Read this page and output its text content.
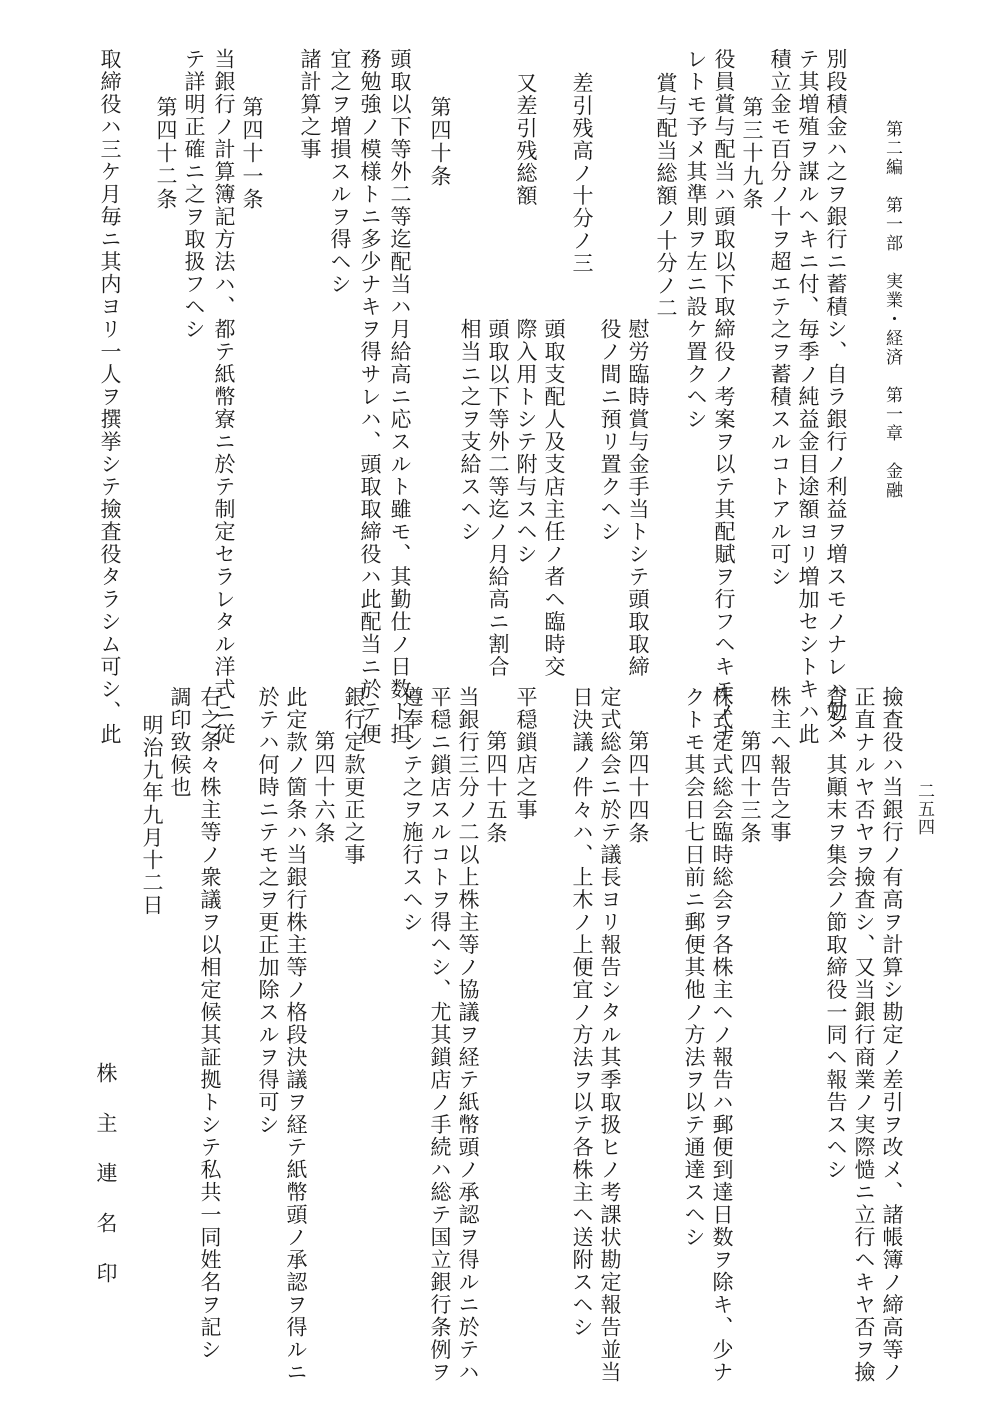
第二編　第一部　実業・経済　第一章　金融
二五四
別段積金ハ之ヲ銀行ニ蓄積シ、自ラ銀行ノ利益ヲ増スモノナレハ勉メ
テ其増殖ヲ謀ルヘキニ付、毎季ノ純益金目途額ヨリ増加セシトキハ此
積立金モ百分ノ十ヲ超エテ之ヲ蓄積スルコトアル可シ
第三十九条
役員賞与配当ハ頭取以下取締役ノ考案ヲ以テ其配賦ヲ行フヘキモノナ
レトモ予メ其準則ヲ左ニ設ケ置クヘシ
賞与配当総額ノ十分ノ二
慰労臨時賞与金手当トシテ頭取取締
役ノ間ニ預リ置クヘシ
差引残高ノ十分ノ三
頭取支配人及支店主任ノ者ヘ臨時交
際入用トシテ附与スヘシ
又差引残総額
頭取以下等外二等迄ノ月給高ニ割合
相当ニ之ヲ支給スヘシ
第四十条
頭取以下等外二等迄配当ハ月給高ニ応スルト雖モ、其勤仕ノ日数ト担
務勉強ノ模様トニ多少ナキヲ得サレハ、頭取取締役ハ此配当ニ於テ便
宜之ヲ増損スルヲ得ヘシ
諸計算之事
第四十一条
当銀行ノ計算簿記方法ハ、都テ紙幣寮ニ於テ制定セラレタル洋式ニ従
テ詳明正確ニ之ヲ取扱フヘシ
第四十二条
取締役ハ三ケ月毎ニ其内ヨリ一人ヲ撰挙シテ撿査役タラシム可シ、此
撿査役ハ当銀行ノ有高ヲ計算シ勘定ノ差引ヲ改メ、諸帳簿ノ締高等ノ
正直ナルヤ否ヤヲ撿査シ、又当銀行商業ノ実際慥ニ立行ヘキヤ否ヲ撿
査シ、其顚末ヲ集会ノ節取締役一同ヘ報告スヘシ
株主ヘ報告之事
第四十三条
株式定式総会臨時総会ヲ各株主ヘノ報告ハ郵便到達日数ヲ除キ、少ナ
クトモ其会日七日前ニ郵便其他ノ方法ヲ以テ通達スヘシ
第四十四条
定式総会ニ於テ議長ヨリ報告シタル其季取扱ヒノ考課状勘定報告並当
日決議ノ件々ハ、上木ノ上便宜ノ方法ヲ以テ各株主ヘ送附スヘシ
平穏鎖店之事
第四十五条
当銀行三分ノ二以上株主等ノ協議ヲ経テ紙幣頭ノ承認ヲ得ルニ於テハ
平穏ニ鎖店スルコトヲ得ヘシ、尤其鎖店ノ手続ハ総テ国立銀行条例ヲ
遵奉シテ之ヲ施行スヘシ
銀行定款更正之事
第四十六条
此定款ノ箇条ハ当銀行株主等ノ格段決議ヲ経テ紙幣頭ノ承認ヲ得ルニ
於テハ何時ニテモ之ヲ更正加除スルヲ得可シ
右之条々株主等ノ衆議ヲ以相定候其証拠トシテ私共一同姓名ヲ記シ
調印致候也
明治九年九月十二日
株　主　連　名　印
